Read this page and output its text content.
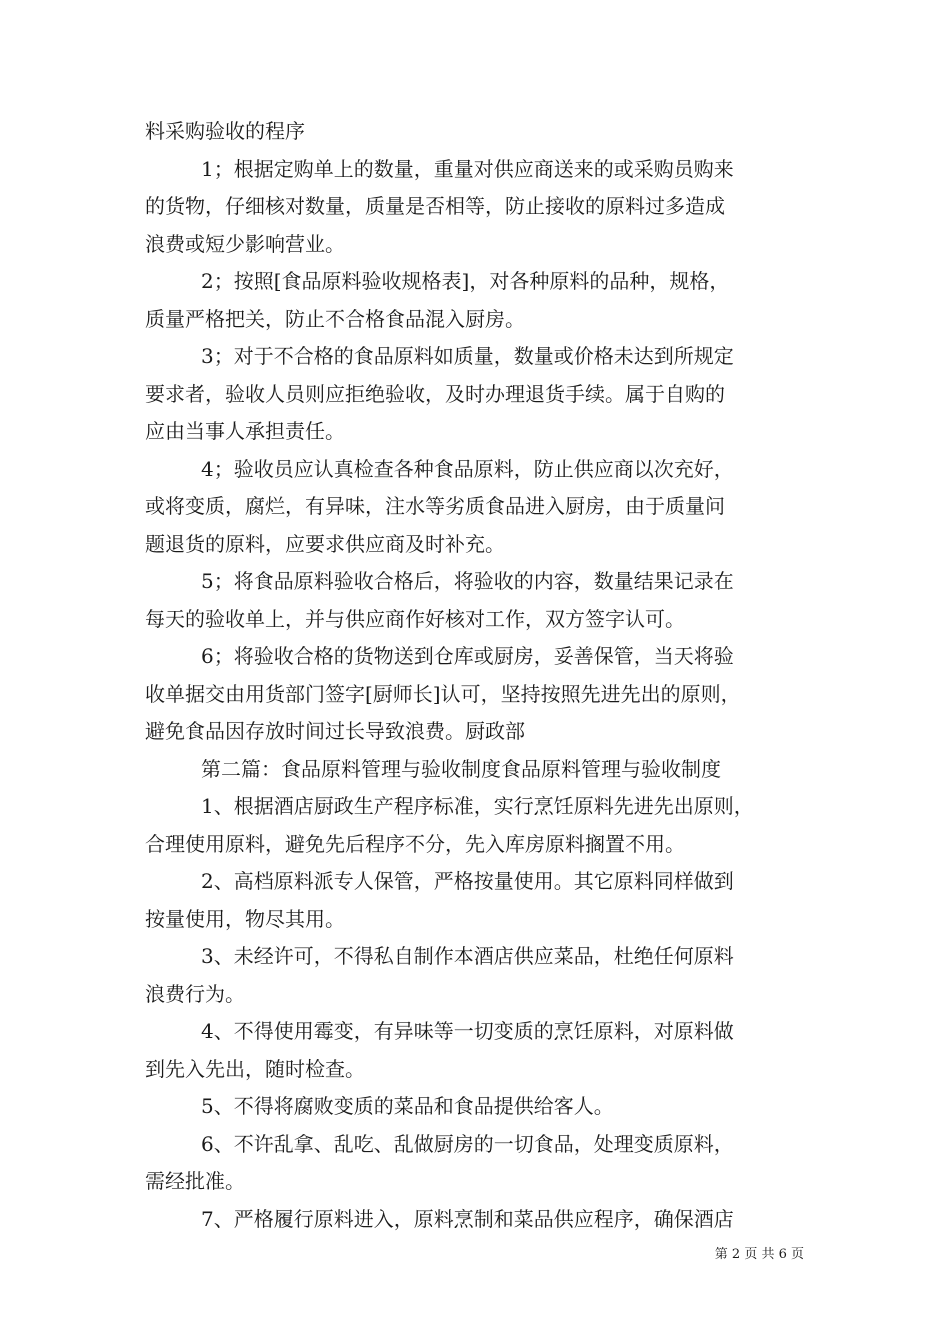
料采购验收的程序
1；根据定购单上的数量，重量对供应商送来的或采购员购来
的货物，仔细核对数量，质量是否相等，防止接收的原料过多造成
浪费或短少影响营业。
2；按照[食品原料验收规格表]，对各种原料的品种，规格，
质量严格把关，防止不合格食品混入厨房。
3；对于不合格的食品原料如质量，数量或价格未达到所规定
要求者，验收人员则应拒绝验收，及时办理退货手续。属于自购的
应由当事人承担责任。
4；验收员应认真检查各种食品原料，防止供应商以次充好，
或将变质，腐烂，有异味，注水等劣质食品进入厨房，由于质量问
题退货的原料，应要求供应商及时补充。
5；将食品原料验收合格后，将验收的内容，数量结果记录在
每天的验收单上，并与供应商作好核对工作，双方签字认可。
6；将验收合格的货物送到仓库或厨房，妥善保管，当天将验
收单据交由用货部门签字[厨师长]认可，坚持按照先进先出的原则，
避免食品因存放时间过长导致浪费。厨政部
第二篇：食品原料管理与验收制度食品原料管理与验收制度
1、根据酒店厨政生产程序标准，实行烹饪原料先进先出原则，
合理使用原料，避免先后程序不分，先入库房原料搁置不用。
2、高档原料派专人保管，严格按量使用。其它原料同样做到
按量使用，物尽其用。
3、未经许可，不得私自制作本酒店供应菜品，杜绝任何原料
浪费行为。
4、不得使用霉变，有异味等一切变质的烹饪原料，对原料做
到先入先出，随时检查。
5、不得将腐败变质的菜品和食品提供给客人。
6、不许乱拿、乱吃、乱做厨房的一切食品，处理变质原料，
需经批准。
7、严格履行原料进入，原料烹制和菜品供应程序，确保酒店
第 2 页 共 6 页
